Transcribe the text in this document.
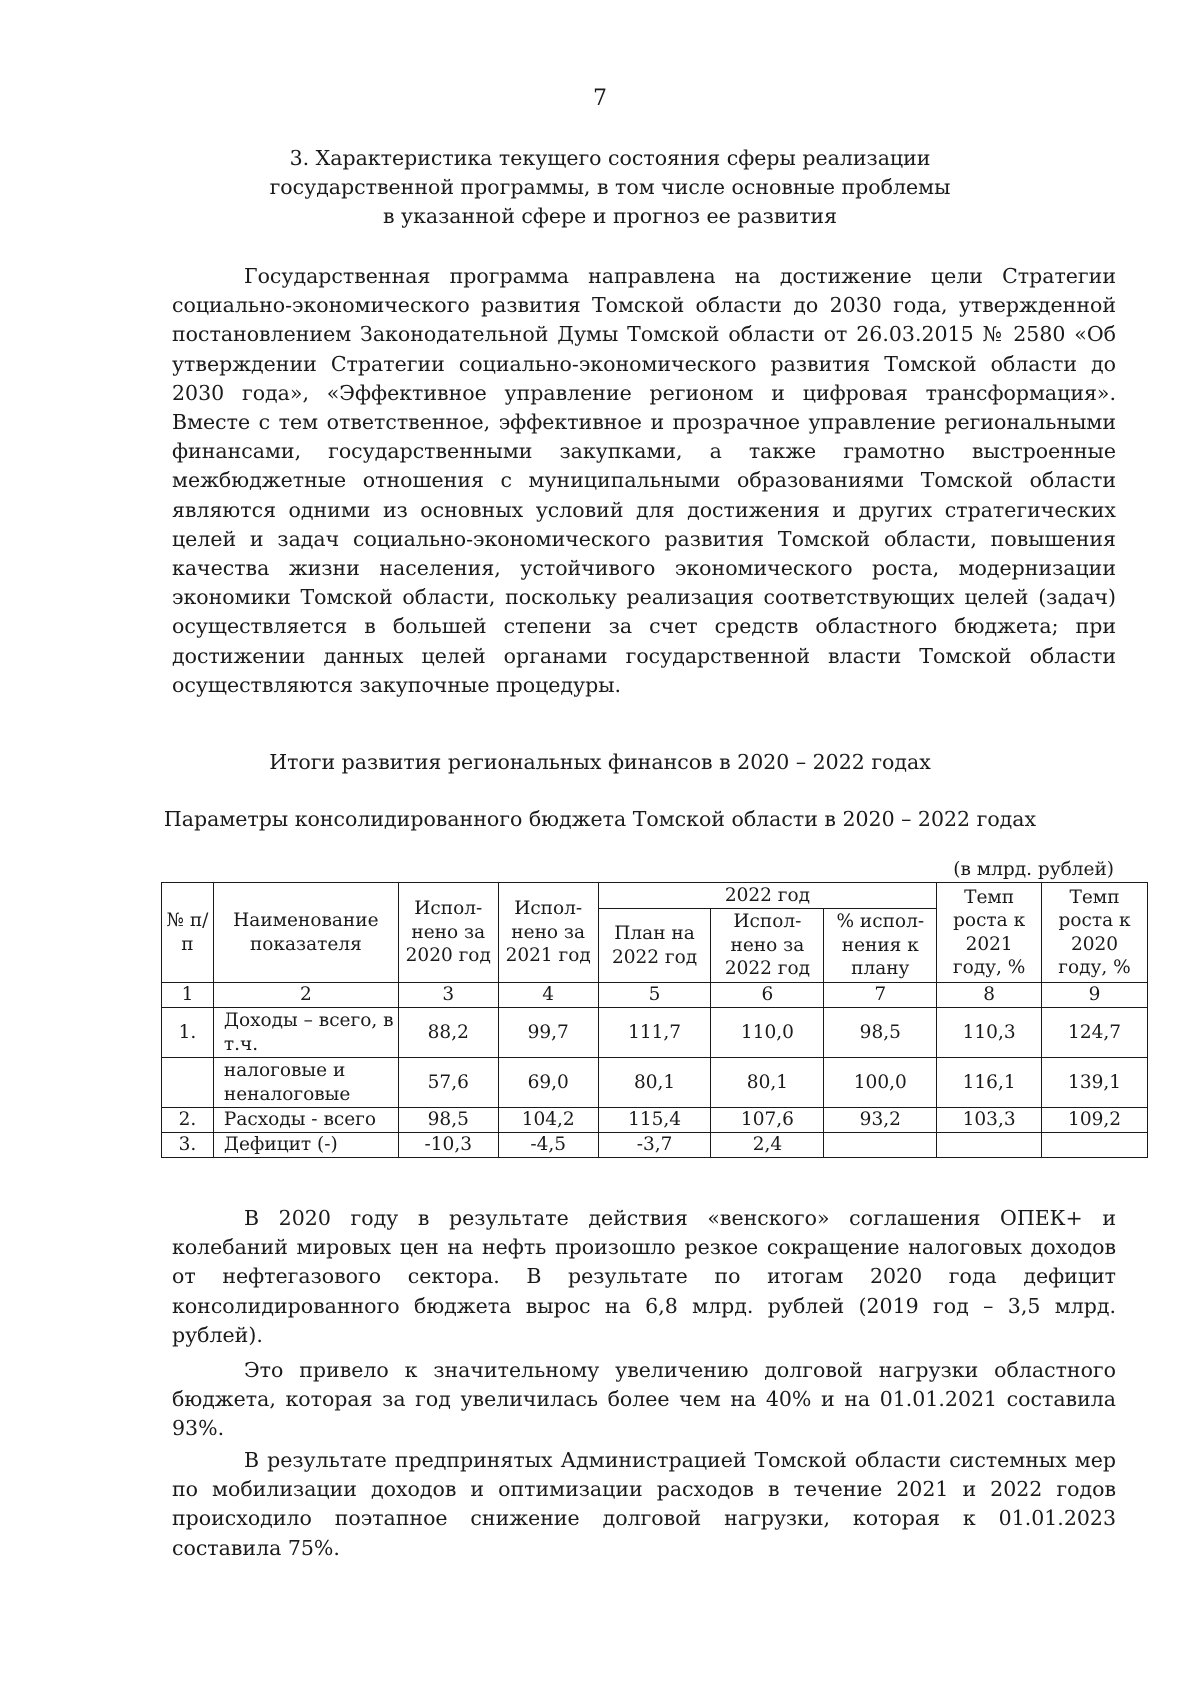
7
3. Характеристика текущего состояния сферы реализации
государственной программы, в том числе основные проблемы
в указанной сфере и прогноз ее развития

Государственная программа направлена на достижение цели Стратегии социально-экономического развития Томской области до 2030 года, утвержденной постановлением Законодательной Думы Томской области от 26.03.2015 № 2580 «Об утверждении Стратегии социально-экономического развития Томской области до 2030 года», «Эффективное управление регионом и цифровая трансформация». Вместе с тем ответственное, эффективное и прозрачное управление региональными финансами, государственными закупками, а также грамотно выстроенные межбюджетные отношения с муниципальными образованиями Томской области являются одними из основных условий для достижения и других стратегических целей и задач социально-экономического развития Томской области, повышения качества жизни населения, устойчивого экономического роста, модернизации экономики Томской области, поскольку реализация соответствующих целей (задач) осуществляется в большей степени за счет средств областного бюджета; при достижении данных целей органами государственной власти Томской области осуществляются закупочные процедуры.

Итоги развития региональных финансов в 2020 – 2022 годах
Параметры консолидированного бюджета Томской области в 2020 – 2022 годах
(в млрд. рублей)
№ п/п	Наименование показателя	Испол-нено за 2020 год	Испол-нено за 2021 год	2022 год			Темп роста к 2021 году, %	Темп роста к 2020 году, %
				План на 2022 год	Испол-нено за 2022 год	% испол-нения к плану		
1	2	3	4	5	6	7	8	9
1.	Доходы – всего, в т.ч.	88,2	99,7	111,7	110,0	98,5	110,3	124,7
	налоговые и неналоговые	57,6	69,0	80,1	80,1	100,0	116,1	139,1
2.	Расходы - всего	98,5	104,2	115,4	107,6	93,2	103,3	109,2
3.	Дефицит (-)	-10,3	-4,5	-3,7	2,4			

В 2020 году в результате действия «венского» соглашения ОПЕК+ и колебаний мировых цен на нефть произошло резкое сокращение налоговых доходов от нефтегазового сектора. В результате по итогам 2020 года дефицит консолидированного бюджета вырос на 6,8 млрд. рублей (2019 год – 3,5 млрд. рублей).

Это привело к значительному увеличению долговой нагрузки областного бюджета, которая за год увеличилась более чем на 40% и на 01.01.2021 составила 93%.

В результате предпринятых Администрацией Томской области системных мер по мобилизации доходов и оптимизации расходов в течение 2021 и 2022 годов происходило поэтапное снижение долговой нагрузки, которая к 01.01.2023 составила 75%.
